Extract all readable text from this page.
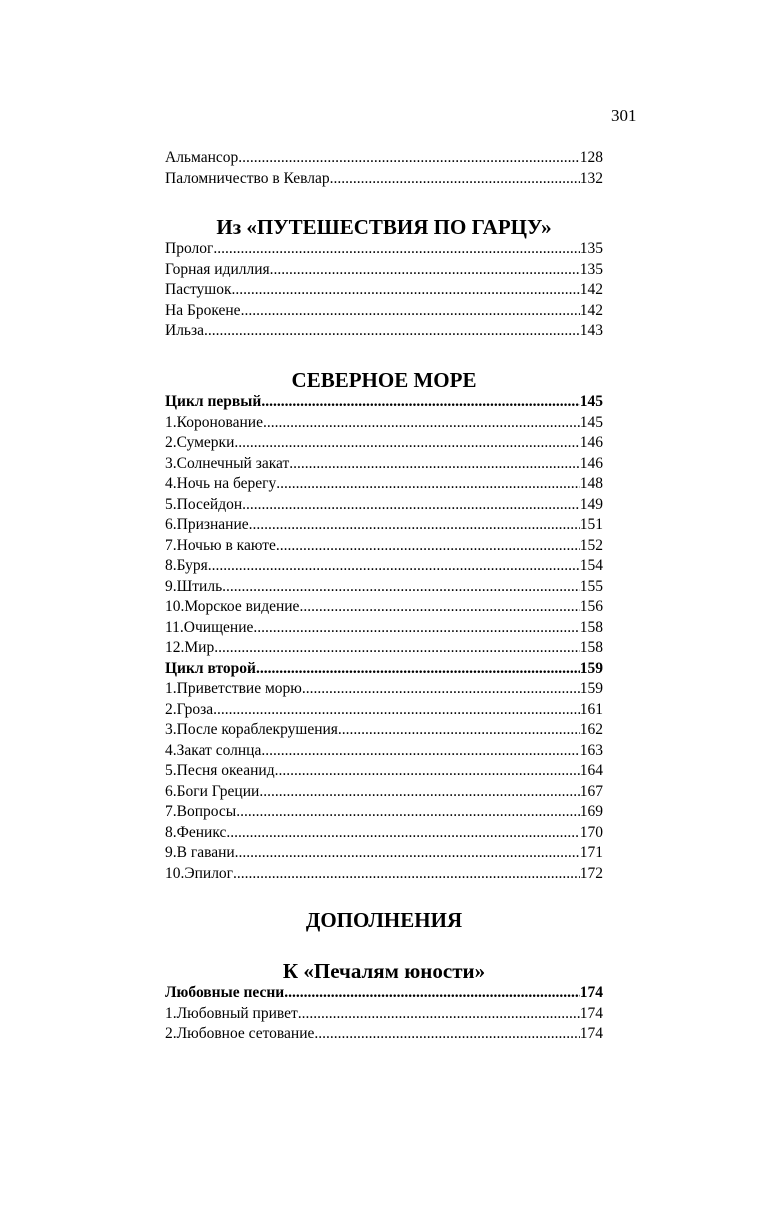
301
Альмансор .....	128
Паломничество в Кевлар .....	132
Из «ПУТЕШЕСТВИЯ ПО ГАРЦУ»
Пролог .....	135
Горная идиллия .....	135
Пастушок .....	142
На Брокене .....	142
Ильза .....	143
СЕВЕРНОЕ МОРЕ
Цикл первый .....	145
1.Коронование .....	145
2.Сумерки .....	146
3.Солнечный закат .....	146
4.Ночь на берегу .....	148
5.Посейдон .....	149
6.Признание .....	151
7.Ночью в каюте .....	152
8.Буря .....	154
9.Штиль .....	155
10.Морское видение .....	156
11.Очищение .....	158
12.Мир .....	158
Цикл второй .....	159
1.Приветствие морю .....	159
2.Гроза .....	161
3.После кораблекрушения .....	162
4.Закат солнца .....	163
5.Песня океанид .....	164
6.Боги Греции .....	167
7.Вопросы .....	169
8.Феникс .....	170
9.В гавани .....	171
10.Эпилог .....	172
ДОПОЛНЕНИЯ
К «Печалям юности»
Любовные песни .....	174
1.Любовный привет .....	174
2.Любовное сетование .....	174
